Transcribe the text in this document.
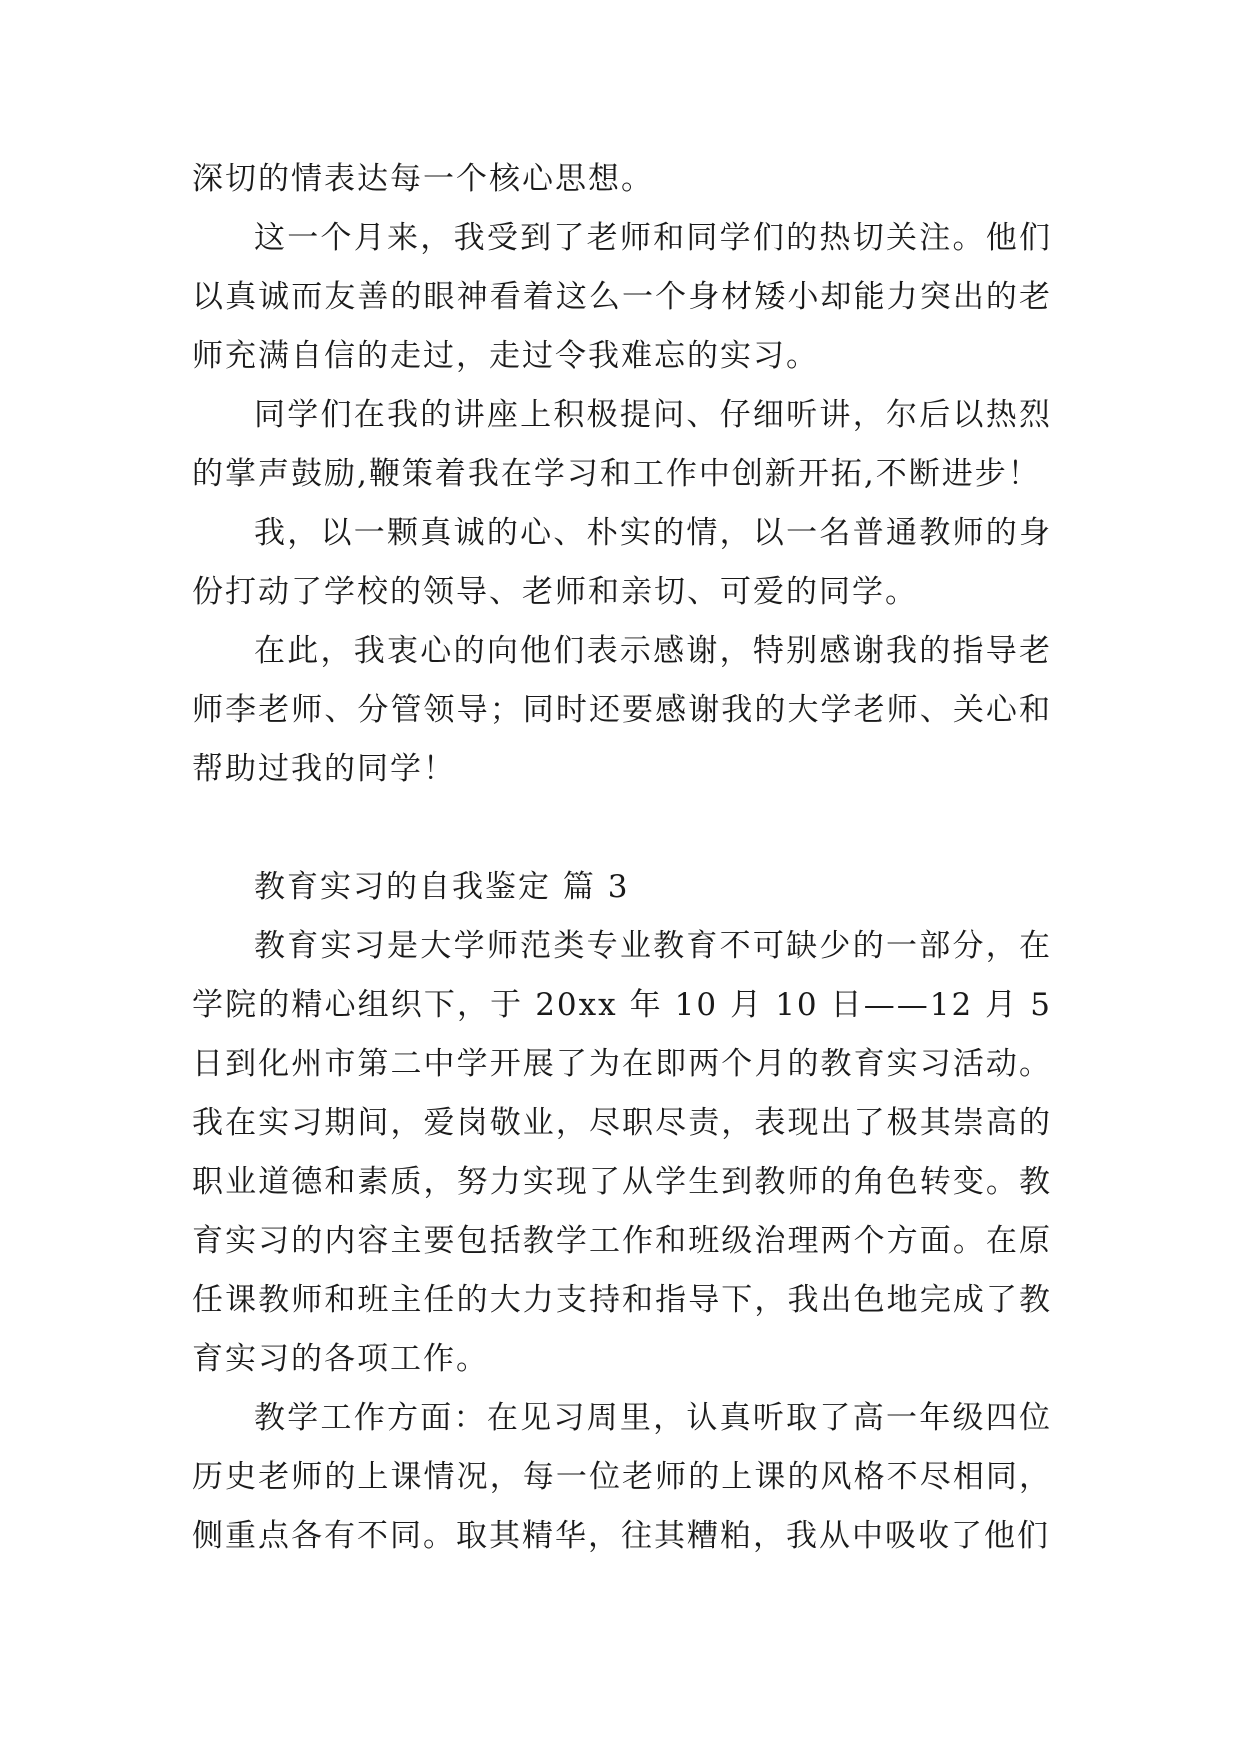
深切的情表达每一个核心思想。

这一个月来，我受到了老师和同学们的热切关注。他们以真诚而友善的眼神看着这么一个身材矮小却能力突出的老师充满自信的走过，走过令我难忘的实习。

同学们在我的讲座上积极提问、仔细听讲，尔后以热烈的掌声鼓励,鞭策着我在学习和工作中创新开拓,不断进步！

我，以一颗真诚的心、朴实的情，以一名普通教师的身份打动了学校的领导、老师和亲切、可爱的同学。

在此，我衷心的向他们表示感谢，特别感谢我的指导老师李老师、分管领导；同时还要感谢我的大学老师、关心和帮助过我的同学！

教育实习的自我鉴定 篇 3

教育实习是大学师范类专业教育不可缺少的一部分，在学院的精心组织下，于 20xx 年 10 月 10 日——12 月 5 日到化州市第二中学开展了为在即两个月的教育实习活动。我在实习期间，爱岗敬业，尽职尽责，表现出了极其崇高的职业道德和素质，努力实现了从学生到教师的角色转变。教育实习的内容主要包括教学工作和班级治理两个方面。在原任课教师和班主任的大力支持和指导下，我出色地完成了教育实习的各项工作。

教学工作方面：在见习周里，认真听取了高一年级四位历史老师的上课情况，每一位老师的上课的风格不尽相同，侧重点各有不同。取其精华，往其糟粕，我从中吸收了他们
